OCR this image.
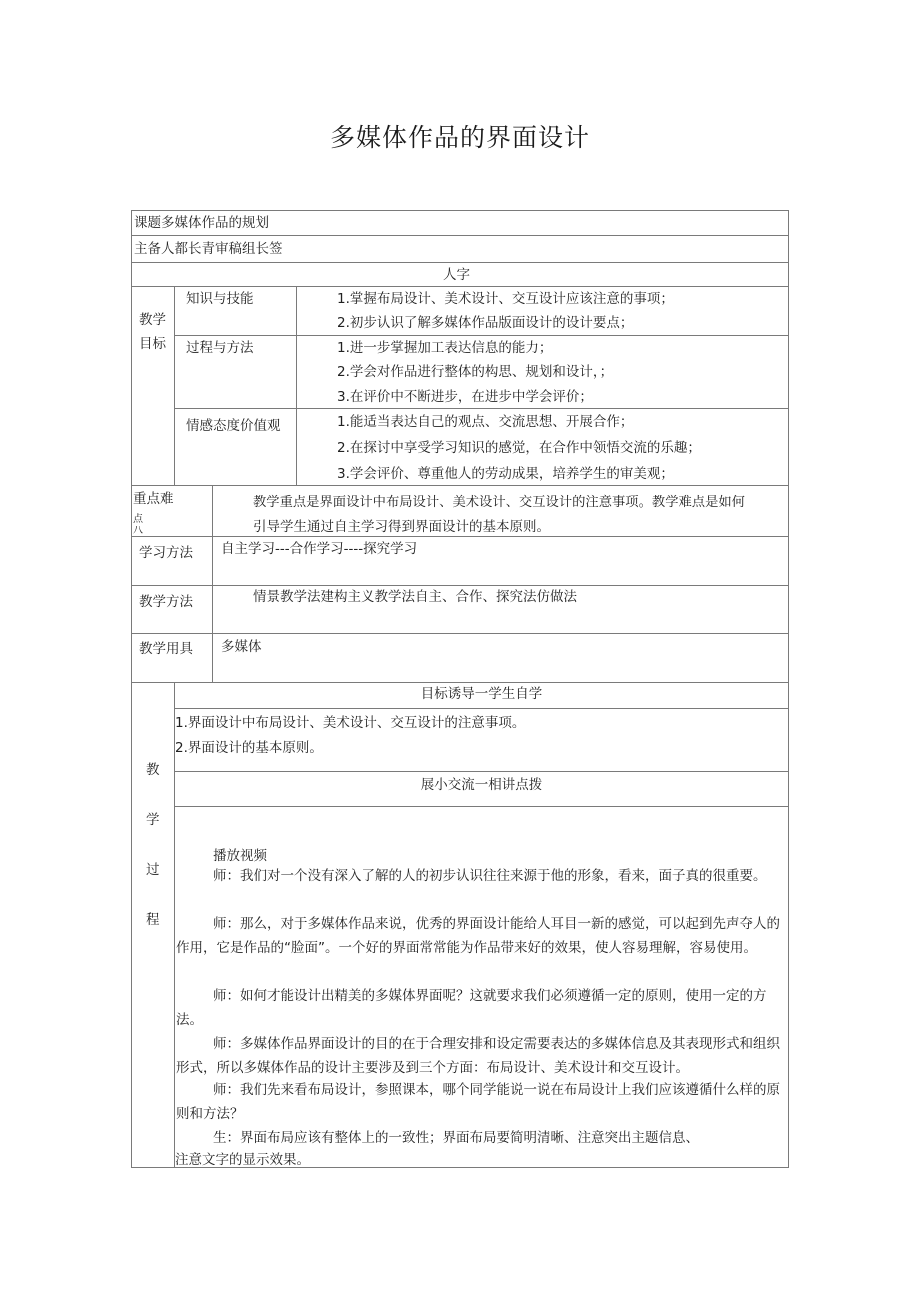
多媒体作品的界面设计
课题多媒体作品的规划
主备人都长青审稿组长签
人字
教学
目标
知识与技能	1.掌握布局设计、美术设计、交互设计应该注意的事项；
2.初步认识了解多媒体作品版面设计的设计要点；
过程与方法	1.进一步掌握加工表达信息的能力；
2.学会对作品进行整体的构思、规划和设计，；
3.在评价中不断进步，在进步中学会评价；
情感态度价值观	1.能适当表达自己的观点、交流思想、开展合作；
2.在探讨中享受学习知识的感觉，在合作中领悟交流的乐趣；
3.学会评价、尊重他人的劳动成果，培养学生的审美观；
重点难
点
八
教学重点是界面设计中布局设计、美术设计、交互设计的注意事项。教学难点是如何
引导学生通过自主学习得到界面设计的基本原则。
学习方法 自主学习---合作学习----探究学习
教学方法	情景教学法建构主义教学法自主、合作、探究法仿做法
教学用具 多媒体
教
学
过
程
目标诱导一学生自学
1.界面设计中布局设计、美术设计、交互设计的注意事项。
2.界面设计的基本原则。
展小交流一相讲点拨
播放视频
师：我们对一个没有深入了解的人的初步认识往往来源于他的形象，看来，面子真的很重要。
师：那么，对于多媒体作品来说，优秀的界面设计能给人耳目一新的感觉，可以起到先声夺人的作用，它是作品的“脸面”。一个好的界面常常能为作品带来好的效果，使人容易理解，容易使用。
师：如何才能设计出精美的多媒体界面呢？这就要求我们必须遵循一定的原则，使用一定的方法。
师：多媒体作品界面设计的目的在于合理安排和设定需要表达的多媒体信息及其表现形式和组织形式，所以多媒体作品的设计主要涉及到三个方面：布局设计、美术设计和交互设计。
师：我们先来看布局设计，参照课本，哪个同学能说一说在布局设计上我们应该遵循什么样的原则和方法？
生：界面布局应该有整体上的一致性；界面布局要简明清晰、注意突出主题信息、
注意文字的显示效果。
